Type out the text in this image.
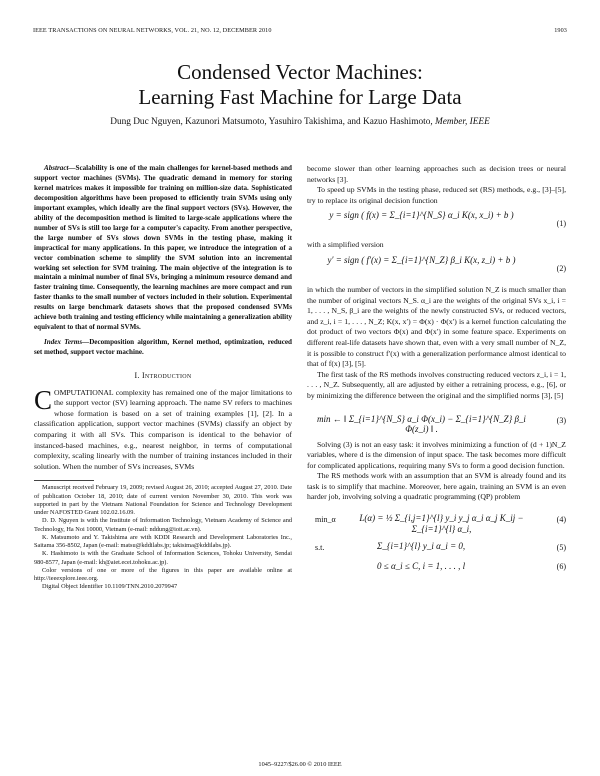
IEEE TRANSACTIONS ON NEURAL NETWORKS, VOL. 21, NO. 12, DECEMBER 2010	1903
Condensed Vector Machines:
Learning Fast Machine for Large Data
Dung Duc Nguyen, Kazunori Matsumoto, Yasuhiro Takishima, and Kazuo Hashimoto, Member, IEEE

Abstract—Scalability is one of the main challenges for kernel-based methods and support vector machines (SVMs). The quadratic demand in memory for storing kernel matrices makes it impossible for training on million-size data. Sophisticated decomposition algorithms have been proposed to efficiently train SVMs using only important examples, which ideally are the final support vectors (SVs). However, the ability of the decomposition method is limited to large-scale applications where the number of SVs is still too large for a computer's capacity. From another perspective, the large number of SVs slows down SVMs in the testing phase, making it impractical for many applications. In this paper, we introduce the integration of a vector combination scheme to simplify the SVM solution into an incremental working set selection for SVM training. The main objective of the integration is to maintain a minimal number of final SVs, bringing a minimum resource demand and faster training time. Consequently, the learning machines are more compact and run faster thanks to the small number of vectors included in their solution. Experimental results on large benchmark datasets shows that the proposed condensed SVMs achieve both training and testing efficiency while maintaining a generalization ability equivalent to that of normal SVMs.

Index Terms—Decomposition algorithm, Kernel method, optimization, reduced set method, support vector machine.

I. Introduction

COMPUTATIONAL complexity has remained one of the major limitations to the support vector (SV) learning approach. The name SV refers to machines whose formation is based on a set of training examples [1], [2]. In a classification application, support vector machines (SVMs) classify an object by comparing it with all SVs. This comparison is identical to the behavior of instanced-based machines, e.g., nearest neighbor, in terms of computational complexity, scaling linearly with the number of training instances included in their solution. When the number of SVs increases, SVMs

Manuscript received February 19, 2009; revised August 26, 2010; accepted August 27, 2010. Date of publication October 18, 2010; date of current version November 30, 2010. This work was supported in part by the Vietnam National Foundation for Science and Technology Development under NAFOSTED Grant 102.02.16.09.

D. D. Nguyen is with the Institute of Information Technology, Vietnam Academy of Science and Technology, Ha Noi 10000, Vietnam (e-mail: nddung@ioit.ac.vn).

K. Matsumoto and Y. Takishima are with KDDI Research and Development Laboratories Inc., Saitama 356-8502, Japan (e-mail: matsu@kddilabs.jp; takisima@kddilabs.jp).

K. Hashimoto is with the Graduate School of Information Sciences, Tohoku University, Sendai 980-8577, Japan (e-mail: kh@aiet.ecei.tohoku.ac.jp).

Color versions of one or more of the figures in this paper are available online at http://ieeexplore.ieee.org.

Digital Object Identifier 10.1109/TNN.2010.2079947

become slower than other learning approaches such as decision trees or neural networks [3].

To speed up SVMs in the testing phase, reduced set (RS) methods, e.g., [3]–[5], try to replace its original decision function

y = sign ( f(x) = Σ_{i=1}^{N_S} α_i K(x, x_i) + b )
(1)

with a simplified version

y′ = sign ( f′(x) = Σ_{i=1}^{N_Z} β_i K(x, z_i) + b )
(2)

in which the number of vectors in the simplified solution N_Z is much smaller than the number of original vectors N_S. α_i are the weights of the original SVs x_i, i = 1, . . . , N_S, β_i are the weights of the newly constructed SVs, or reduced vectors, and z_i, i = 1, . . . , N_Z; K(x, x′) = Φ(x) · Φ(x′) is a kernel function calculating the dot product of two vectors Φ(x) and Φ(x′) in some feature space. Experiments on different real-life datasets have shown that, even with a very small number of N_Z, it is possible to construct f′(x) with a generalization performance almost identical to that of f(x) [3], [5].

The first task of the RS methods involves constructing reduced vectors z_i, i = 1, . . . , N_Z. Subsequently, all are adjusted by either a retraining process, e.g., [6], or by minimizing the difference between the original and the simplified norms [3], [5]

min ← ‖ Σ_{i=1}^{N_S} α_i Φ(x_i) − Σ_{i=1}^{N_Z} β_i Φ(z_i) ‖ .
(3)

Solving (3) is not an easy task: it involves minimizing a function of (d + 1)N_Z variables, where d is the dimension of input space. The task becomes more difficult for complicated applications, requiring many SVs to form a good decision function.

The RS methods work with an assumption that an SVM is already found and its task is to simplify that machine. Moreover, here again, training an SVM is an even harder job, involving solving a quadratic programming (QP) problem

min_α	L(α) = ½ Σ_{i,j=1}^{l} y_i y_j α_i α_j K_ij − Σ_{i=1}^{l} α_i,
(4)
s.t.	Σ_{i=1}^{l} y_i α_i = 0,	(5)
0 ≤ α_i ≤ C, i = 1, . . . , l	(6)
1045–9227/$26.00 © 2010 IEEE
